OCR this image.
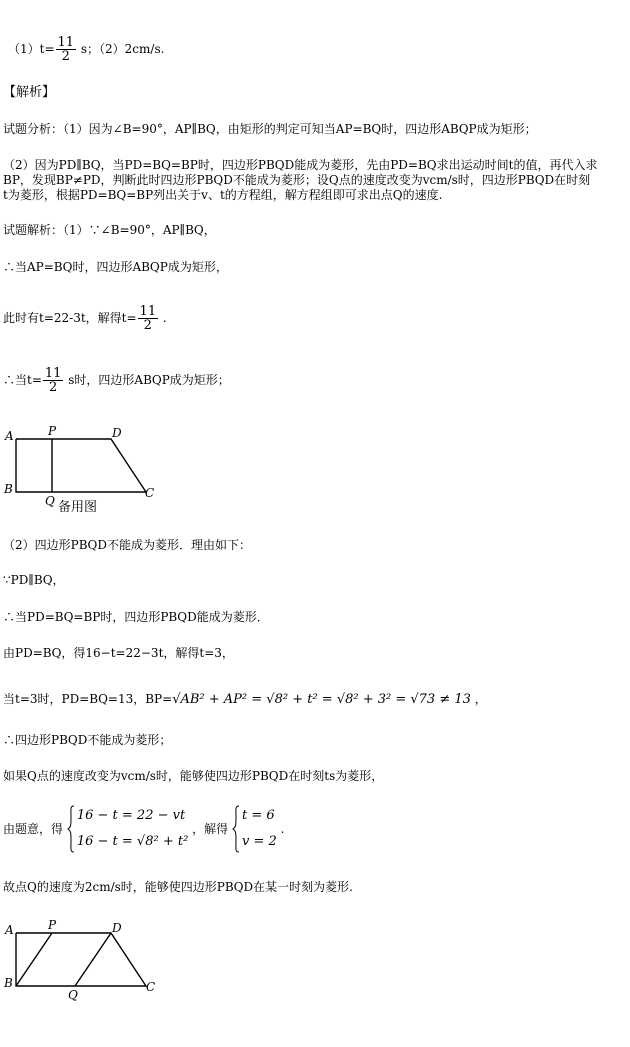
$(1)t= \frac{11}{2}$ s；（2）2cm/s.
【解析】
试题分析：（1）因为∠B=90°，AP∥BQ，由矩形的判定可知当AP=BQ时，四边形ABQP成为矩形；
（2）因为PD∥BQ，当PD=BQ=BP时，四边形PBQD能成为菱形，先由PD=BQ求出运动时间t的值，再代入求
BP，发现BP≠PD，判断此时四边形PBQD不能成为菱形；设Q点的速度改变为vcm/s时，四边形PBQD在时刻
t为菱形，根据PD=BQ=BP列出关于v、t的方程组，解方程组即可求出点Q的速度.
试题解析：（1）∵∠B=90°，AP∥BQ，
∴当AP=BQ时，四边形ABQP成为矩形，
此时有t=22-3t，解得$t= \frac{11}{2}$ .
∴当$t= \frac{11}{2}$ s时，四边形ABQP成为矩形；
A	P	D
B
Q
C
备用图
（2）四边形PBQD不能成为菱形．理由如下：
∵PD∥BQ，
∴当PD=BQ=BP时，四边形PBQD能成为菱形．
由PD=BQ，得16−t=22−3t，解得t=3，
当t=3时，PD=BQ=13，BP=√AB² + AP² = √8² + t² = √8² + 3² = √73 ≠ 13 ，
∴四边形PBQD不能成为菱形；
如果Q点的速度改变为vcm/s时，能够使四边形PBQD在时刻ts为菱形，
由题意，得
16 − t = 22 − vt
16 − t = √8² + t²
，解得
t = 6
v = 2
.
故点Q的速度为2cm/s时，能够使四边形PBQD在某一时刻为菱形.
A	P	D
B
Q
C
